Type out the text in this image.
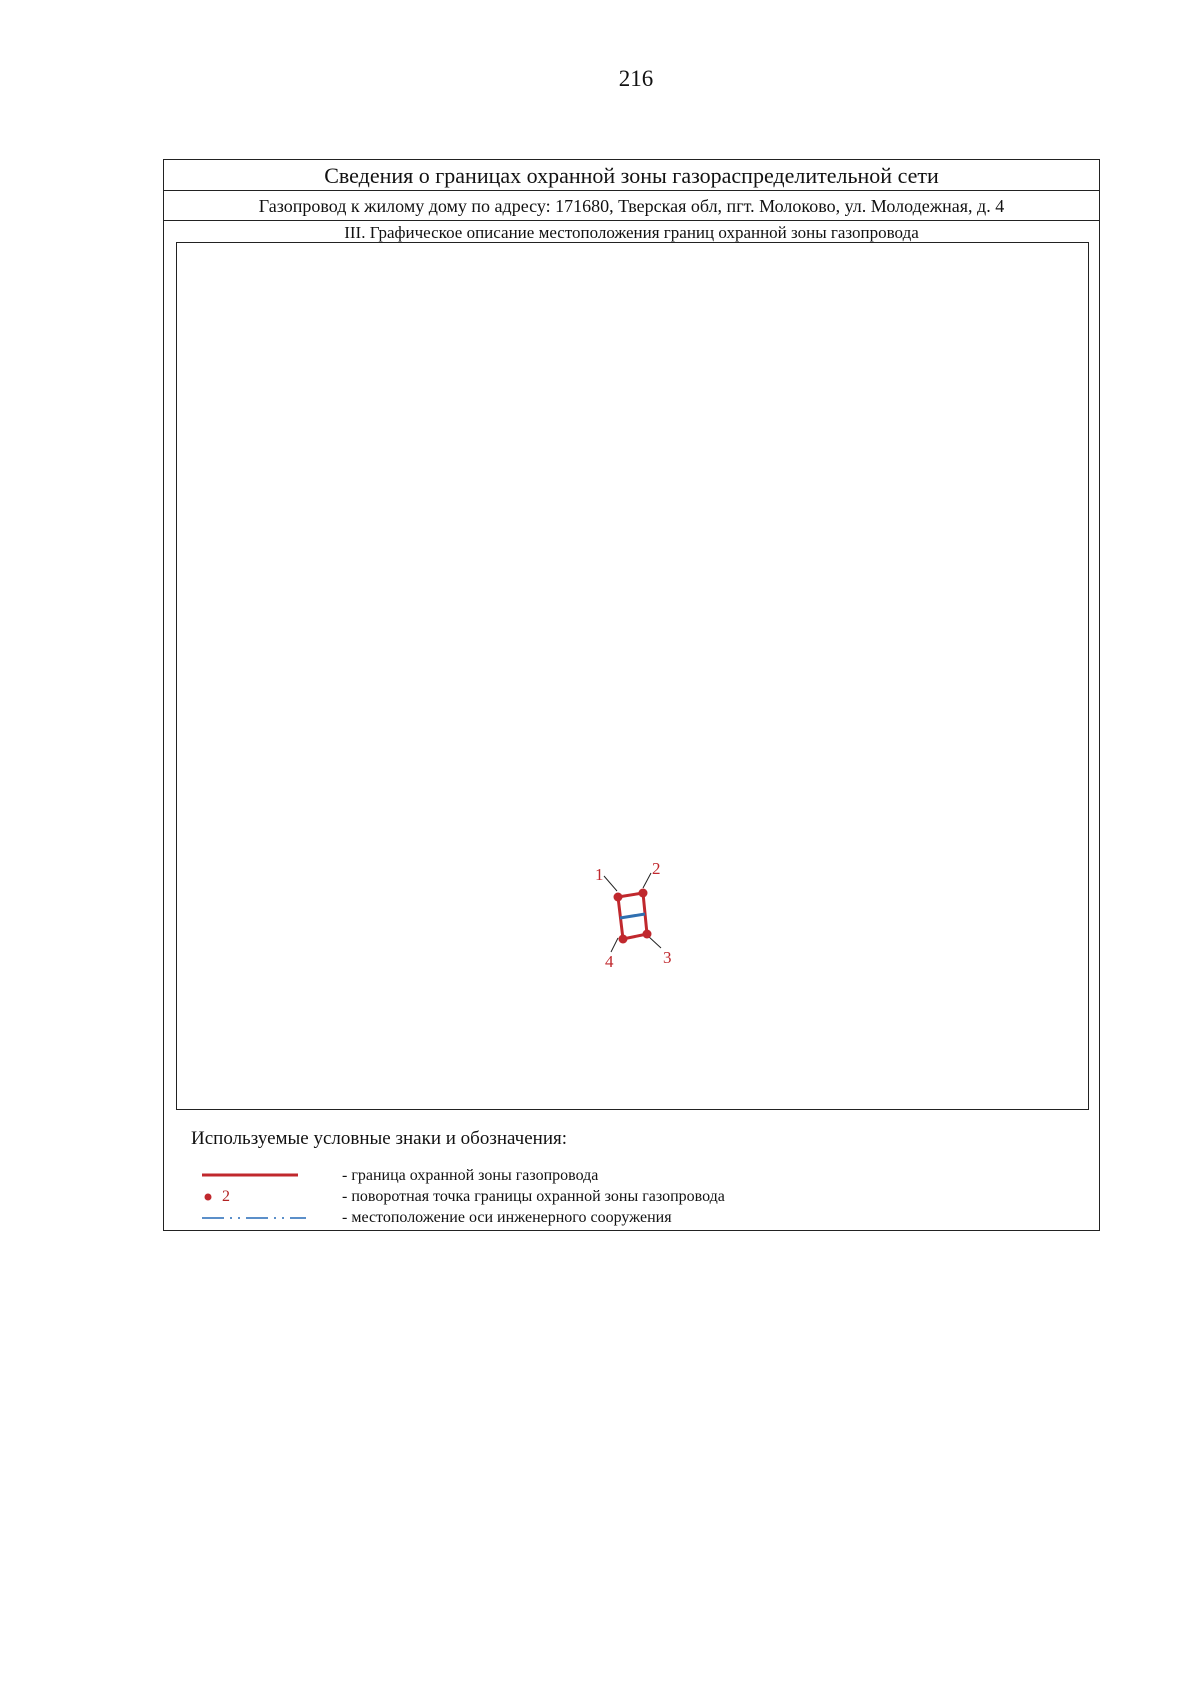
216
Сведения о границах охранной зоны газораспределительной сети
Газопровод к жилому дому по адресу: 171680, Тверская обл, пгт. Молоково, ул. Молодежная, д. 4
III. Графическое описание местоположения границ охранной зоны газопровода
1	2
3
4
Используемые условные знаки и обозначения:
- граница охранной зоны газопровода
2	- поворотная точка границы охранной зоны газопровода
- местоположение оси инженерного сооружения
